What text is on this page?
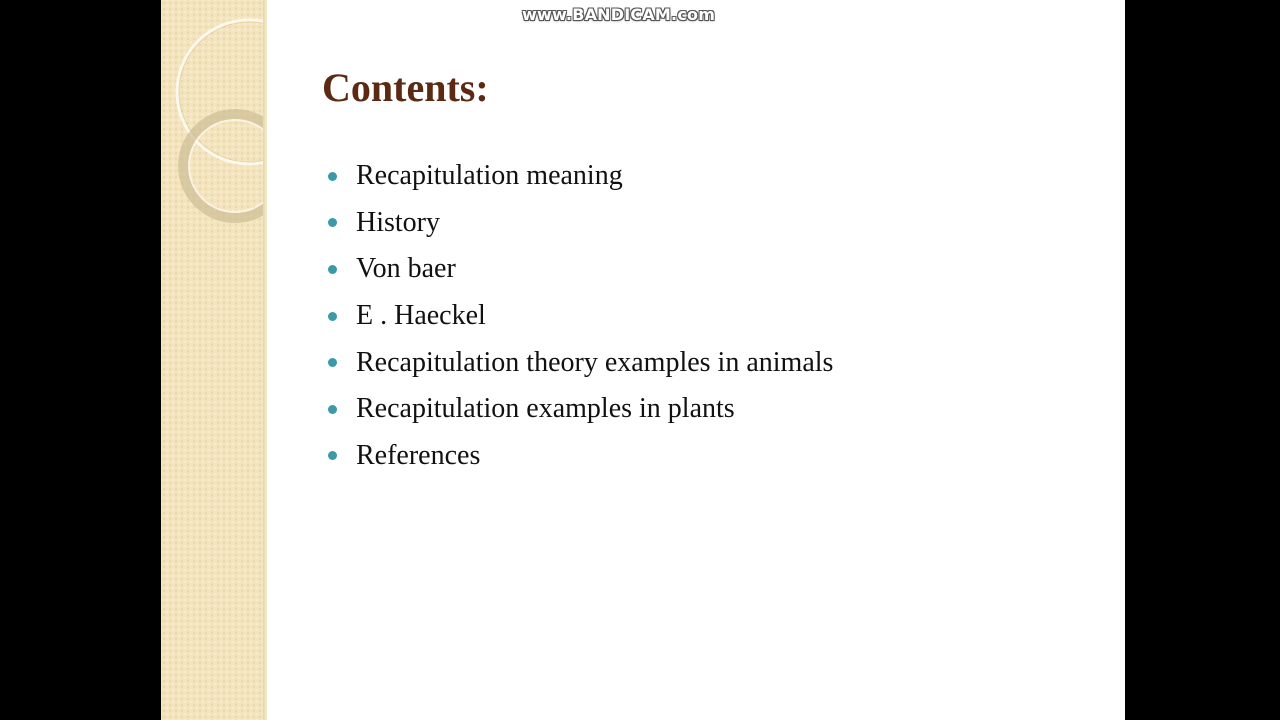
Contents:
Recapitulation meaning
History
Von baer
E . Haeckel
Recapitulation theory examples in animals
Recapitulation examples in plants
References
www.BANDICAM.com
